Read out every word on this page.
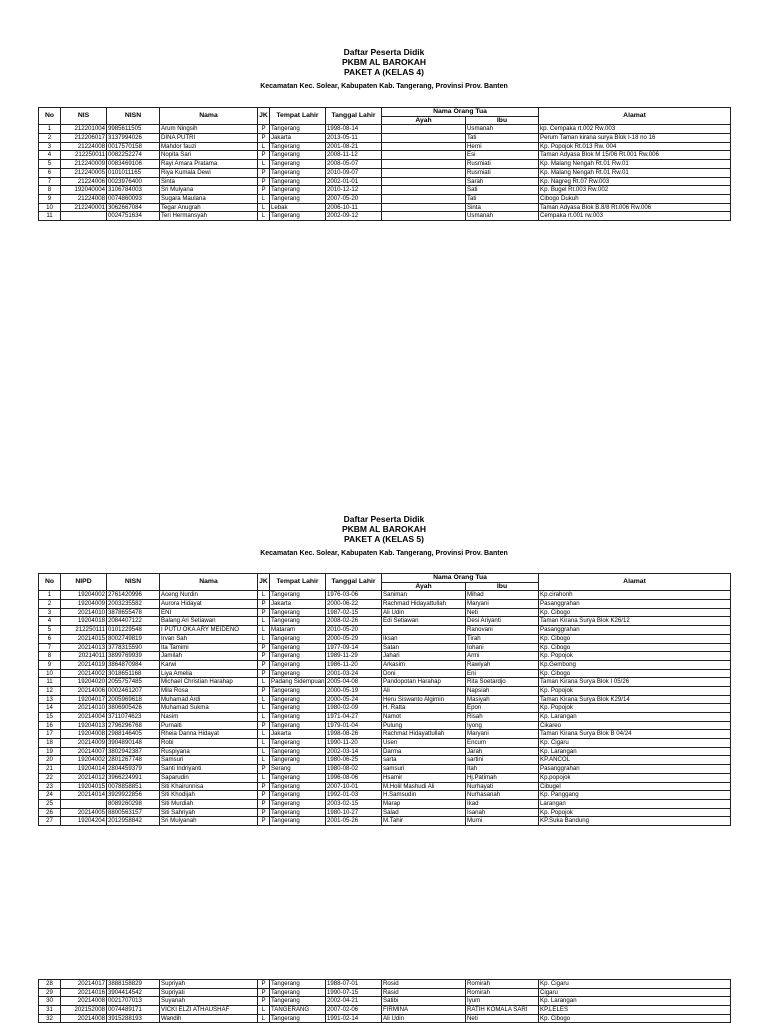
Daftar Peserta Didik
PKBM AL BAROKAH
PAKET A (KELAS 4)
Kecamatan Kec. Solear, Kabupaten Kab. Tangerang, Provinsi Prov. Banten
No	NIS	NISN	Nama	JK	Tempat Lahir	Tanggal Lahir	Nama Orang Tua		Alamat
							Ayah	Ibu	
1	212201004	9985611505	Arum Ningsih	P	Tangerang	1998-08-14		Usmanah	kp. Cempaka rt.002 Rw.003
2	212206017	3137994026	DINA PUTRI	P	Jakarta	2013-05-11		Tati	Perum Taman kirana surya Blok I-18 no 16
3	21224008	0017570158	Mahdor fauzi	L	Tangerang	2001-08-21		Herni	Kp. Popojok Rt.013 Rw. 004
4	212250011	0082252274	Nopita Sari	P	Tangerang	2008-11-12		Esi	Taman Adyasa Blok M 15/06 Rt.001 Rw.006
5	212240009	0083469106	Rayi Amara Pratama	L	Tangerang	2008-05-07		Rusmiati	Kp. Malang Nengah Rt.01 Rw.01
6	212240005	0101011165	Riya Kumala Dewi	P	Tangerang	2010-09-07		Rusmiati	Kp. Malang Nengah Rt.01 Rw.01
7	21224006	0023976400	Sinta	P	Tangerang	2002-01-01		Sarah	Kp. Nagreg Rt.07 Rw.003
8	192040004	3106784003	Sri Mulyana	P	Tangerang	2010-12-12		Sati	Kp. Bugel Rt.003 Rw.002
9	21224008	0074860093	Sugara Maulana	L	Tangerang	2007-05-20		Tati	Cibogo Dukuh
10	212240001	3062667084	Tegar Anugrah	L	Lebak	2006-10-11		Sinta	Taman Adyasa Blok B.8/8 Rt.006 Rw.006
11		0024751634	Teri Hermansyah	L	Tangerang	2002-09-12		Usmanah	Cempaka rt.001 rw.003
Daftar Peserta Didik
PKBM AL BAROKAH
PAKET A (KELAS 5)
Kecamatan Kec. Solear, Kabupaten Kab. Tangerang, Provinsi Prov. Banten
No	NIPD	NISN	Nama	JK	Tempat Lahir	Tanggal Lahir	Nama Orang Tua		Alamat
							Ayah	Ibu	
1	19204002	2761420996	Aceng Nurdin	L	Tangerang	1976-03-06	Saniman	Mihad	Kp.cirahonh
2	19204009	2003235582	Aurora Hidayat	P	Jakarta	2000-06-22	Rachmad Hidayattullah	Maryani	Pasanggrahan
3	20214010	3878655478	ENI	P	Tangerang	1987-02-15	Ali Udin	Neti	Kp. Cibogo
4	19204018	2084407122	Balang Ari Setiawan	L	Tangerang	2008-02-26	Edi Setiawan	Desi Ariyanti	Taman Kirana Surya Blok K26/12
5	212250111	0101229548	I PUTU OKA ARY MEIDENO	L	Mataram	2010-05-20		Ranovani	Pasanggrahan
6	20214015	8002749819	Irvan Sah	L	Tangerang	2000-05-29	Iksan	Tirah	Kp. Cibogo
7	20214013	3778315590	Ita Tamimi	P	Tangerang	1977-09-14	Satan	Iohani	Kp. Cibogo
8	20214011	3899769939	Jamilah	P	Tangerang	1989-11-29	Jahari	Armi	Kp. Popojok
9	20214019	3864870984	Karwi	P	Tangerang	1986-11-20	Arkasim	Rawiyah	Kp.Gembong
10	20214002	3018651168	Liya Amelia	P	Tangerang	2001-03-24	Doni	Eni	Kp. Cibogo
11	19204020	2055757485	Michael Christian Harahap	L	Padang Sidempuan	2005-04-08	Pandopotan Harahap	Rita Soetardjo	Taman Kirana Surya Blok I 05/26
12	20214006	0002461207	Mila Rosa	P	Tangerang	2000-05-19	Ali	Napsiah	Kp. Popojok
13	19204017	2005969618	Muhamad Ardi	L	Tangerang	2000-05-24	Heru Siswanto Algimin	Masiyah	Taman Kirana Surya Blok K29/14
14	20214010	3806905426	Muhamad Sukma	L	Tangerang	1980-02-09	H. Ratta	Epon	Kp. Popojok
15	20214004	3711074623	Nasim	L	Tangerang	1971-04-27	Namot	Risah	Kp. Larangan
16	19204013	2796296768	Purnaiti	P	Tangerang	1979-01-04	Pulung	Iyong	Cikareo
17	19204008	2988146405	Rheia Danna Hidayat	L	Jakarta	1998-08-26	Rachmat Hidayattullah	Maryani	Taman Kirana Surya Blok B 04/24
18	20214009	3904890148	Robi	L	Tangerang	1990-11-20	Usen	Encum	Kp. Cigaru
19	20214007	3802942387	Ruspiyana	L	Tangerang	2002-03-14	Darma	Jarah	Kp. Larangan
20	19204002	2801267748	Samsuri	L	Tangerang	1980-06-25	sarta	sartini	KP.ANCOL
21	19204014	2804459379	Santi Indriyanti	P	Serang	1980-08-02	samsuri	Itah	Pasanggrahan
22	20214012	3966224991	Saparudin	L	Tangerang	1996-08-06	Hsamir	Hj.Patimah	Kp.popojok
23	19204015	0078858851	Siti Khairunnisa	P	Tangerang	2007-10-01	M.Holil Mashudi Ali	Nurhayati	Cibugel
24	20214014	3929922856	Siti Khodijah	P	Tangerang	1992-01-03	H.Samsudin	Nurhasanah	Kp. Panggang
25		8089260298	Siti Murdiah	P	Tangerang	2003-02-15	Marap	Ikad	Larangan
26	20214005	8800563157	Siti Sahriyah	P	Tangerang	1980-10-27	Salad	Isanah	Kp. Popojok
27	19204204	2012958842	Sri Mulyanah	P	Tangerang	2001-05-26	M.Tahir	Murni	KP.Suka Bandung
28	20214017	3888158829	Supriyah	P	Tangerang	1988-07-01	Rosid	Romirah	Kp. Cigaru
29	20214016	3904414542	Supriyati	P	Tangerang	1990-07-15	Rasid	Romirah	Cigaru
30	20214008	0021707013	Suyanah	P	Tangerang	2002-04-21	Satibi	Iyum	Kp. Larangan
31	202152008	0074489171	VICKI ELZI ATHAUSHAF	L	TANGERANG	2007-02-06	FIRMINA	RATIH KOMALA SARI	KP.LELES
32	20214008	3915288193	Wandih	L	Tangerang	1991-02-14	Ali Udin	Neti	Kp. Cibogo
